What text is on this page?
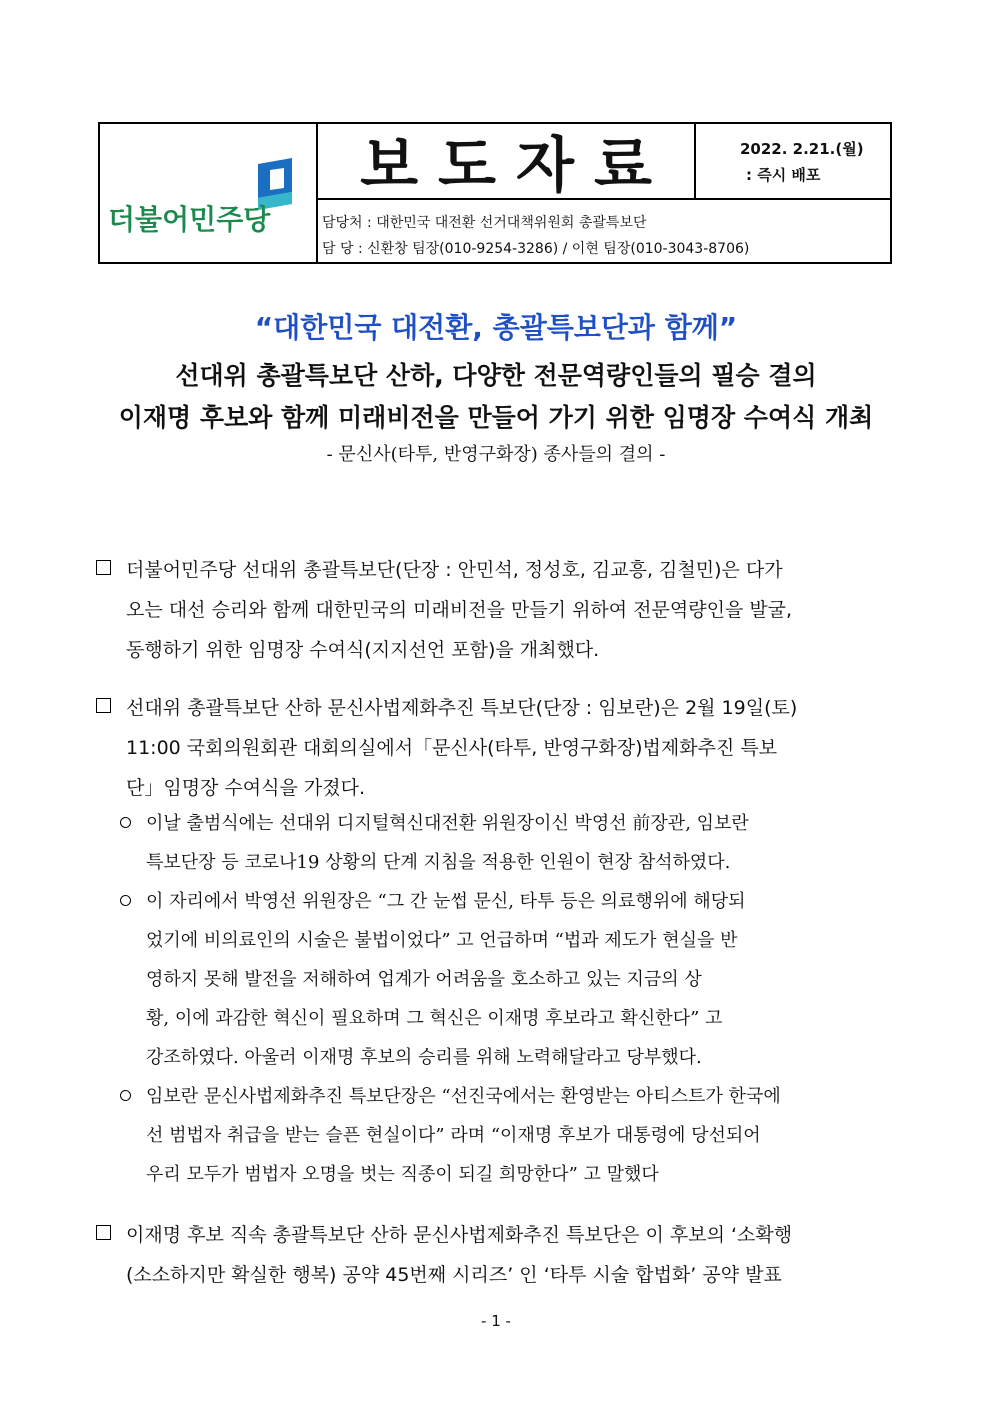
더불어민주당
보도자료	2022. 2.21.(월)
: 즉시 배포
담당처 : 대한민국 대전환 선거대책위원회 총괄특보단
담 당 : 신환창 팀장(010-9254-3286) / 이현 팀장(010-3043-8706)
“대한민국 대전환, 총괄특보단과 함께”
선대위 총괄특보단 산하, 다양한 전문역량인들의 필승 결의
이재명 후보와 함께 미래비전을 만들어 가기 위한 임명장 수여식 개최
- 문신사(타투, 반영구화장) 종사들의 결의 -
더불어민주당 선대위 총괄특보단(단장 : 안민석, 정성호, 김교흥, 김철민)은 다가
오는 대선 승리와 함께 대한민국의 미래비전을 만들기 위하여 전문역량인을 발굴,
동행하기 위한 임명장 수여식(지지선언 포함)을 개최했다.
선대위 총괄특보단 산하 문신사법제화추진 특보단(단장 : 임보란)은 2월 19일(토)
11:00 국회의원회관 대회의실에서「문신사(타투, 반영구화장)법제화추진 특보
단」임명장 수여식을 가졌다.
이날 출범식에는 선대위 디지털혁신대전환 위원장이신 박영선 前장관, 임보란
특보단장 등 코로나19 상황의 단계 지침을 적용한 인원이 현장 참석하였다.
이 자리에서 박영선 위원장은 “그 간 눈썹 문신, 타투 등은 의료행위에 해당되
었기에 비의료인의 시술은 불법이었다” 고 언급하며 “법과 제도가 현실을 반
영하지 못해 발전을 저해하여 업계가 어려움을 호소하고 있는 지금의 상
황, 이에 과감한 혁신이 필요하며 그 혁신은 이재명 후보라고 확신한다” 고
강조하였다. 아울러 이재명 후보의 승리를 위해 노력해달라고 당부했다.
임보란 문신사법제화추진 특보단장은 “선진국에서는 환영받는 아티스트가 한국에
선 범법자 취급을 받는 슬픈 현실이다” 라며 “이재명 후보가 대통령에 당선되어
우리 모두가 범법자 오명을 벗는 직종이 되길 희망한다” 고 말했다
이재명 후보 직속 총괄특보단 산하 문신사법제화추진 특보단은 이 후보의 ‘소확행
(소소하지만 확실한 행복) 공약 45번째 시리즈’ 인 ‘타투 시술 합법화’ 공약 발표
- 1 -
